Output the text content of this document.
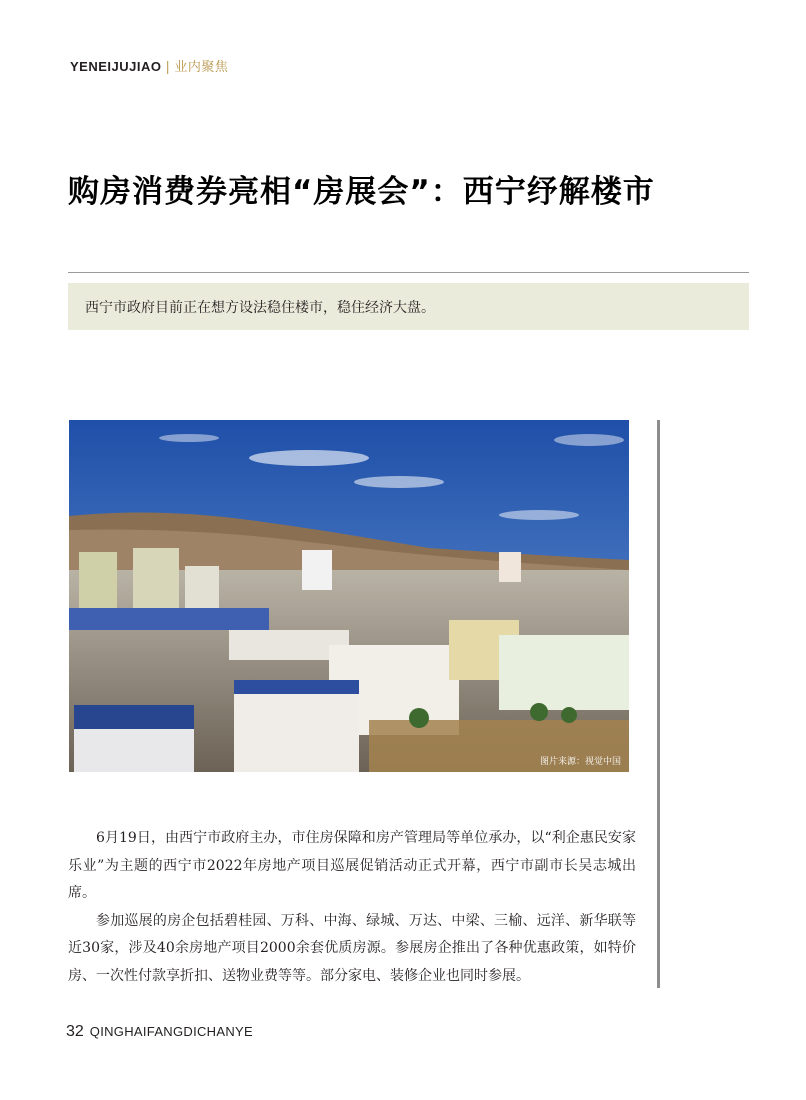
YENEIJUJIAO | 业内聚焦
购房消费券亮相“房展会”：西宁纾解楼市
西宁市政府目前正在想方设法稳住楼市，稳住经济大盘。
图片来源：视觉中国

6月19日，由西宁市政府主办，市住房保障和房产管理局等单位承办，以“利企惠民安家乐业”为主题的西宁市2022年房地产项目巡展促销活动正式开幕，西宁市副市长吴志城出席。

参加巡展的房企包括碧桂园、万科、中海、绿城、万达、中梁、三榆、远洋、新华联等近30家，涉及40余房地产项目2000余套优质房源。参展房企推出了各种优惠政策，如特价房、一次性付款享折扣、送物业费等等。部分家电、装修企业也同时参展。

32 QINGHAIFANGDICHANYE
